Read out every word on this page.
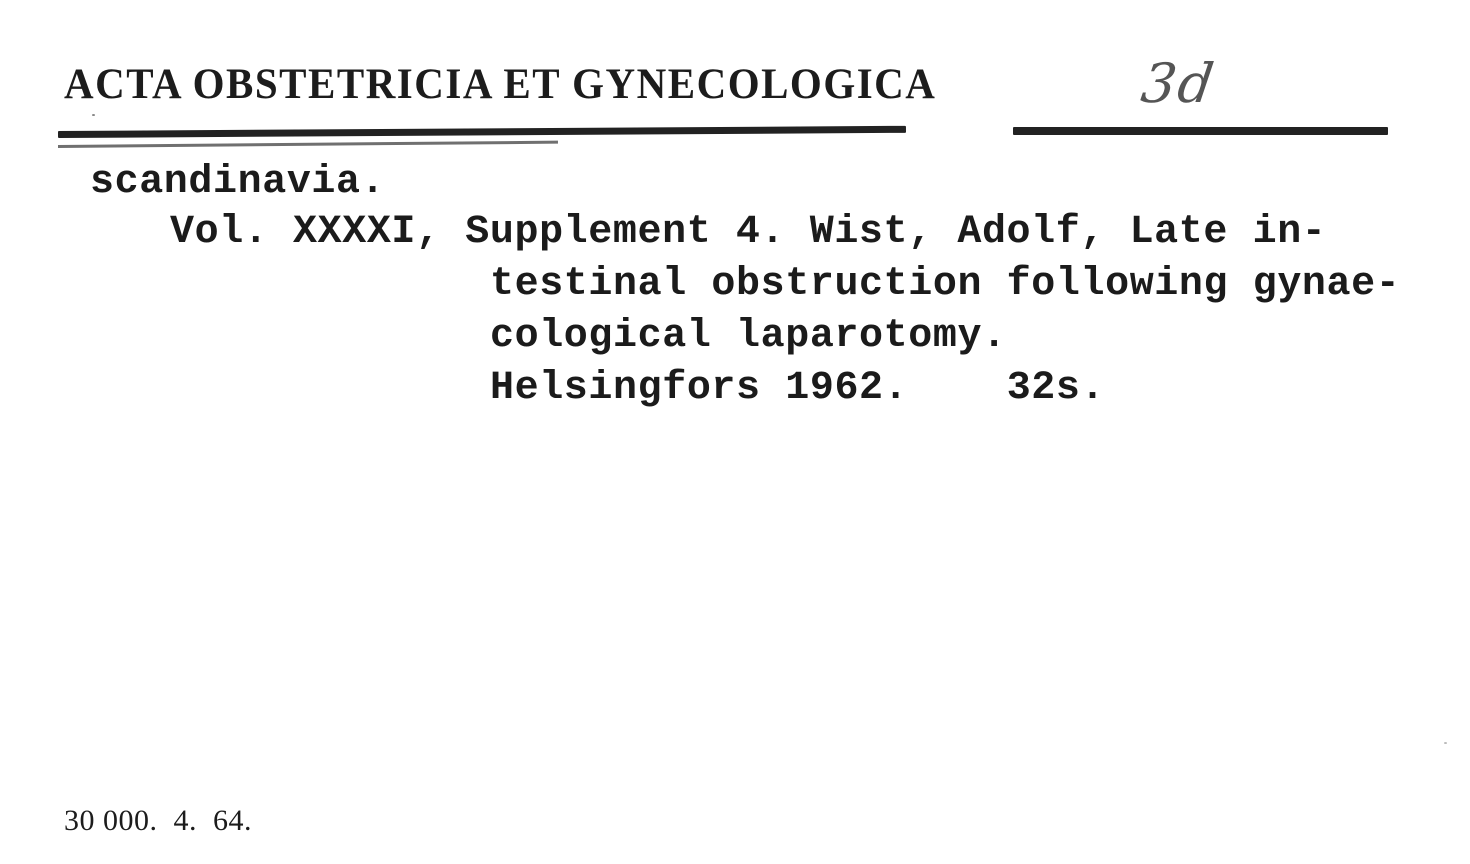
ACTA OBSTETRICIA ET GYNECOLOGICA	3d
scandinavia.
Vol. XXXXI, Supplement 4. Wist, Adolf, Late in-
testinal obstruction following gynae-
cological laparotomy.
Helsingfors 1962. 32s.
30 000.  4.  64.
